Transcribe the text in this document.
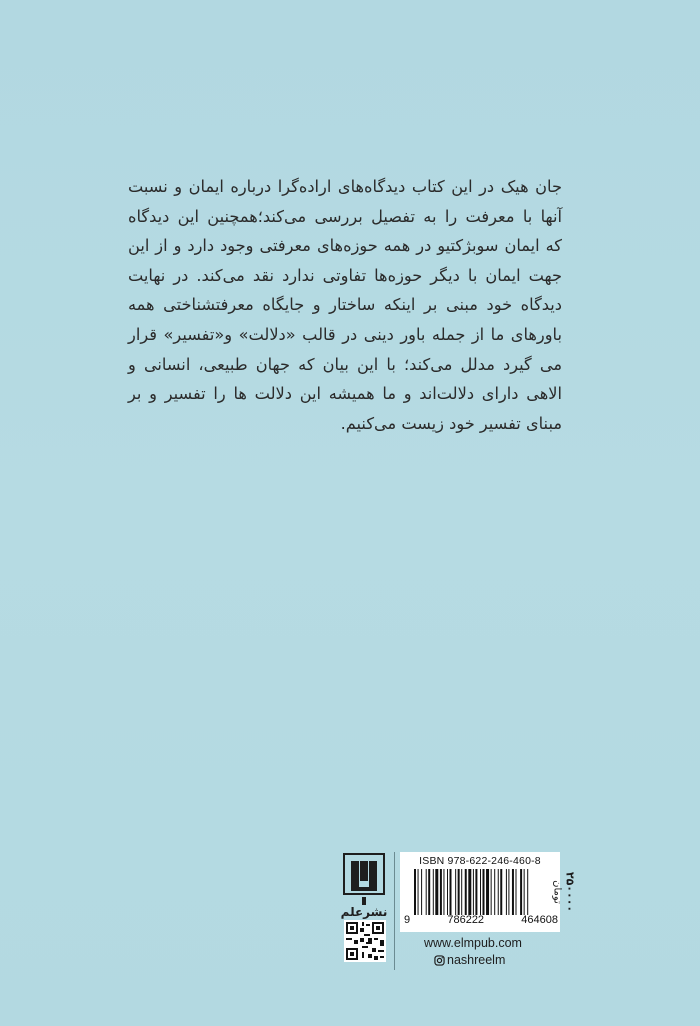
جان هیک در این کتاب دیدگاه‌های اراده‌گرا درباره ایمان و نسبت
آنها با معرفت را به تفصیل بررسی می‌کند؛همچنین این دیدگاه
که ایمان سوبژکتیو در همه حوزه‌های معرفتی وجود دارد و از این
جهت ایمان با دیگر حوزه‌ها تفاوتی ندارد نقد می‌کند. در نهایت
دیدگاه خود مبنی بر اینکه ساختار و جایگاه معرفتشناختی همه
باورهای ما از جمله باور دینی در قالب «دلالت» و«تفسیر» قرار
می گیرد مدلل می‌کند؛ با این بیان که جهان طبیعی، انسانی و
الاهی دارای دلالت‌اند و ما همیشه این دلالت ها را تفسیر و بر
مبنای تفسیر خود زیست می‌کنیم.
نشرعلم
ISBN 978-622-246-460-8
9	786222	464608
۲۵۰۰۰۰
تومان
www.elmpub.com
nashreelm
